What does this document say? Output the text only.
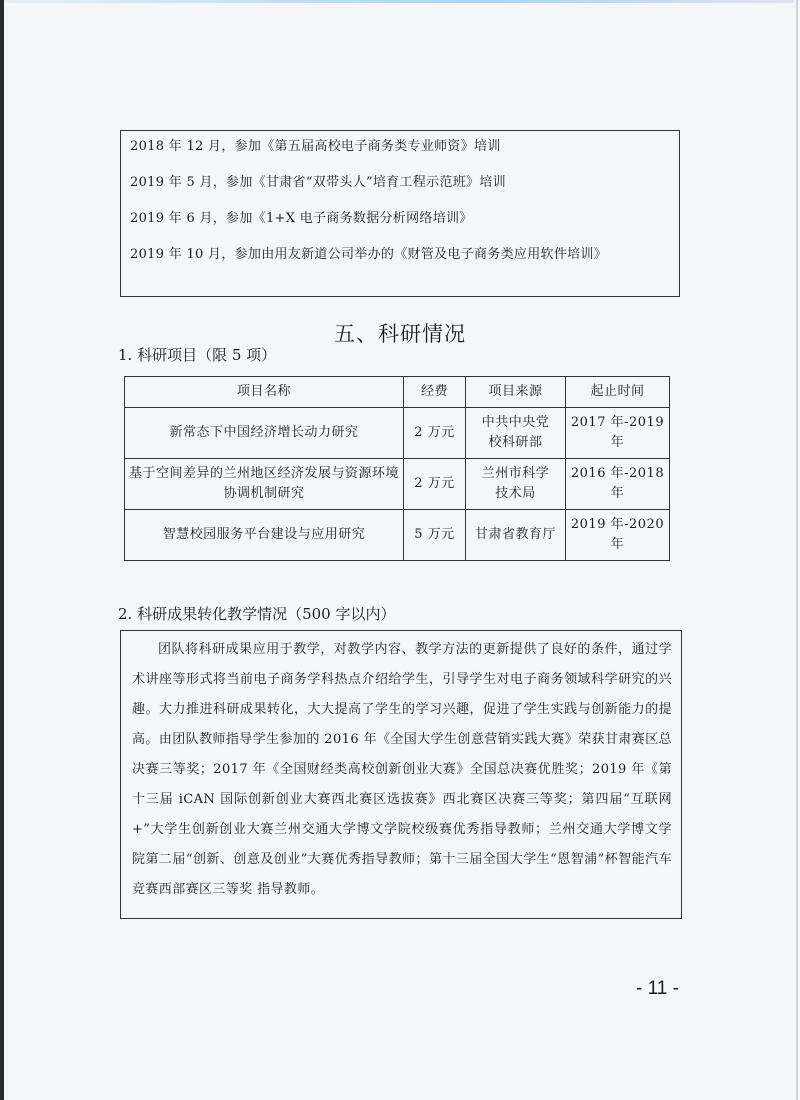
2018 年 12 月，参加《第五届高校电子商务类专业师资》培训
2019 年 5 月，参加《甘肃省“双带头人”培育工程示范班》培训
2019 年 6 月，参加《1+X 电子商务数据分析网络培训》
2019 年 10 月，参加由用友新道公司举办的《财管及电子商务类应用软件培训》
五、科研情况
1. 科研项目（限 5 项）
项目名称	经费	项目来源	起止时间
新常态下中国经济增长动力研究	2 万元	中共中央党校科研部	2017 年-2019 年
基于空间差异的兰州地区经济发展与资源环境协调机制研究	2 万元	兰州市科学技术局	2016 年-2018 年
智慧校园服务平台建设与应用研究	5 万元	甘肃省教育厅	2019 年-2020 年
2. 科研成果转化教学情况（500 字以内）
团队将科研成果应用于教学，对教学内容、教学方法的更新提供了良好的条件，通过学术讲座等形式将当前电子商务学科热点介绍给学生，引导学生对电子商务领域科学研究的兴趣。大力推进科研成果转化，大大提高了学生的学习兴趣，促进了学生实践与创新能力的提高。由团队教师指导学生参加的 2016 年《全国大学生创意营销实践大赛》荣获甘肃赛区总决赛三等奖；2017 年《全国财经类高校创新创业大赛》全国总决赛优胜奖；2019 年《第十三届 iCAN 国际创新创业大赛西北赛区选拔赛》西北赛区决赛三等奖；第四届“互联网+”大学生创新创业大赛兰州交通大学博文学院校级赛优秀指导教师；兰州交通大学博文学院第二届“创新、创意及创业”大赛优秀指导教师；第十三届全国大学生“恩智浦”杯智能汽车竞赛西部赛区三等奖 指导教师。
- 11 -
